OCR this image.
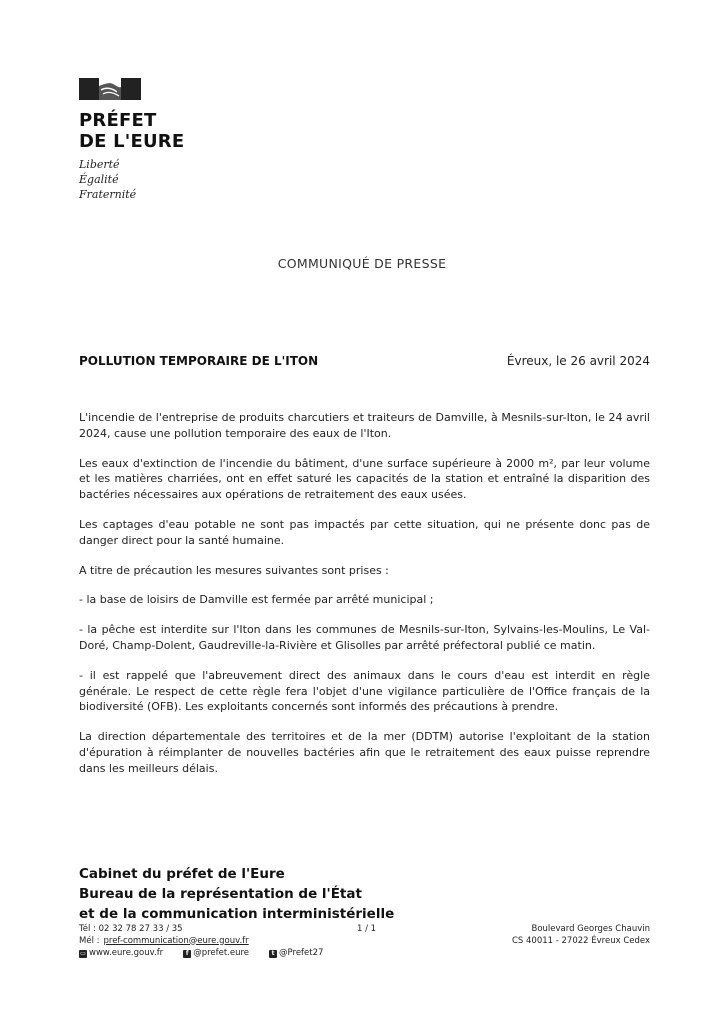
PRÉFET
DE L'EURE
Liberté
Égalité
Fraternité
COMMUNIQUÉ DE PRESSE
POLLUTION TEMPORAIRE DE L'ITON	Évreux, le 26 avril 2024

L'incendie de l'entreprise de produits charcutiers et traiteurs de Damville, à Mesnils-sur-Iton, le 24 avril 2024, cause une pollution temporaire des eaux de l'Iton.

Les eaux d'extinction de l'incendie du bâtiment, d'une surface supérieure à 2000 m², par leur volume et les matières charriées, ont en effet saturé les capacités de la station et entraîné la disparition des bactéries nécessaires aux opérations de retraitement des eaux usées.

Les captages d'eau potable ne sont pas impactés par cette situation, qui ne présente donc pas de danger direct pour la santé humaine.

A titre de précaution les mesures suivantes sont prises :

- la base de loisirs de Damville est fermée par arrêté municipal ;

- la pêche est interdite sur l'Iton dans les communes de Mesnils-sur-Iton, Sylvains-les-Moulins, Le Val-Doré, Champ-Dolent, Gaudreville-la-Rivière et Glisolles par arrêté préfectoral publié ce matin.

- il est rappelé que l'abreuvement direct des animaux dans le cours d'eau est interdit en règle générale. Le respect de cette règle fera l'objet d'une vigilance particulière de l'Office français de la biodiversité (OFB). Les exploitants concernés sont informés des précautions à prendre.

La direction départementale des territoires et de la mer (DDTM) autorise l'exploitant de la station d'épuration à réimplanter de nouvelles bactéries afin que le retraitement des eaux puisse reprendre dans les meilleurs délais.

Cabinet du préfet de l'Eure
Bureau de la représentation de l'État
et de la communication interministérielle
Tél : 02 32 78 27 33 / 35
Mél : pref-communication@eure.gouv.fr
▭ www.eure.gouv.fr	f @prefet.eure	t @Prefet27
1 / 1	Boulevard Georges Chauvin
CS 40011 - 27022 Évreux Cedex
